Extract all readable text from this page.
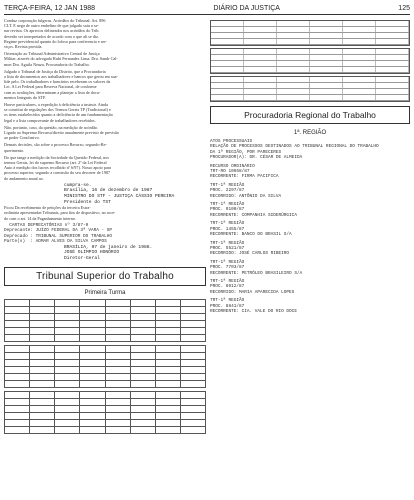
TERÇA-FEIRA, 12 JAN 1988	DIÁRIO DA JUSTIÇA	125

Conduz corporação fulgeras. Acórdãos do Tribunal. Art. 896
CLT. E nega de outro embelino de que julgado saiu o se-
nar revista. Os aprecios delineados nos acórdãos do Trib.
deverão ser interpretados de acordo com o que ali se diz.
Regime previdencial quanto do lofoso para conferencia e ser-
viços. Revista provida.

Orientação ao Tribunal Administrativo Central de Justiça
Militar, através do advogado Rubi Fernandes Lima. Dra. Sandr Cal-
mon Dra. Aguila Neuza, Procuradoria do Trabalho.

Julgado o Tribunal de Justiça do Distrito, que a Procuradoria
a lista de documentos aos trabalhadores e bancos que gerou em sua-
lide pelo. Os trabalhadores e bancários receberam os valores da
Lei. A Lei Federal para Reserva Nacional, de conforme
com as avaliações, determinam a planejar a lista de docu-
mentos Integrais do STF.

Houve particulares, a expedição à deficiência a instruir. Ainda
se constitui de regulações dos Termos Gerais TP (Tradicional) e
os itens estabelecidos quanto a deficiência de um fundamentação
legal e a lista comprovante de trabalhadores recebidos.

Não, portanto, caso, da questão, na medição de acórdão.
Ligado ao Supremo Recurso/direito anualmente previsto de previsão
ao poder Conclusivo.

Demais decisões, são sobre o processo Recurso, segundo-Re-
querimento.

Do que tange a medição da Sociedade da Questão Federal, nos
termos Gerais, lei do supremo Recurso (art. 2º da Lei Federal
Auto à medição dos lucros recolhido nº 6/97). Nosso apoio para
processo superior, segundo a comissão do seu decorrer de 1987
do andamento anual ao.

cumpra-se.
Brasília, 16 de dezembro de 1987
MINISTRO DO STF - JUSTIÇA CÁSSIO PEREIRA
Presidente do TST

Ficou Da recebimento de petições da terceira Estra-
ordinária apresentadas Tribunais, para fins de dispositivo, no acor-
do com o art. 14 da Paganhamento interno.

CARTAS DEPRECATÓRIAS nº 3/87-0
Deprecante: JUÍZO FEDERAL DA 3ª VARA - SP
Deprecado : TRIBUNAL SUPERIOR DO TRABALHO
Parte(s)  : ADMAR ALVES DA SILVA CAMPOS
BRASÍLIA, 07 de janeiro de 1988.
JOSÉ OLÍMPIO HONÓRIO
Diretor-Geral
Tribunal Superior do Trabalho
Primeira Turma

Procuradoria Regional do Trabalho
1ª. REGIÃO
ATOS PROCESSUAIS
RELAÇÃO DE PROCESSOS DESTINADOS AO TRIBUNAL REGIONAL DO TRABALHO
DA 1ª REGIÃO, POR PARECERES
PROCURADOR(A): DR. CÉSAR DE ALMEIDA
RECURSO ORDINÁRIO
TRT-RO 10658/87
RECORRENTE: FIRMA PACIFICA
TRT-1ª REGIÃO
PROC. 2297/87
RECORRIDO: ANTÔNIO DA SILVA
TRT-1ª REGIÃO
PROC. 9100/87
RECORRENTE: COMPANHIA SIDERÚRGICA
TRT-1ª REGIÃO
PROC. 1455/87
RECORRENTE: BANCO DO BRASIL S/A
TRT-1ª REGIÃO
PROC. 5521/87
RECORRIDO: JOSÉ CARLOS RIBEIRO
TRT-1ª REGIÃO
PROC. 7703/87
RECORRENTE: PETRÓLEO BRASILEIRO S/A
TRT-1ª REGIÃO
PROC. 6012/87
RECORRIDO: MARIA APARECIDA LOPES
TRT-1ª REGIÃO
PROC. 8841/87
RECORRENTE: CIA. VALE DO RIO DOCE
